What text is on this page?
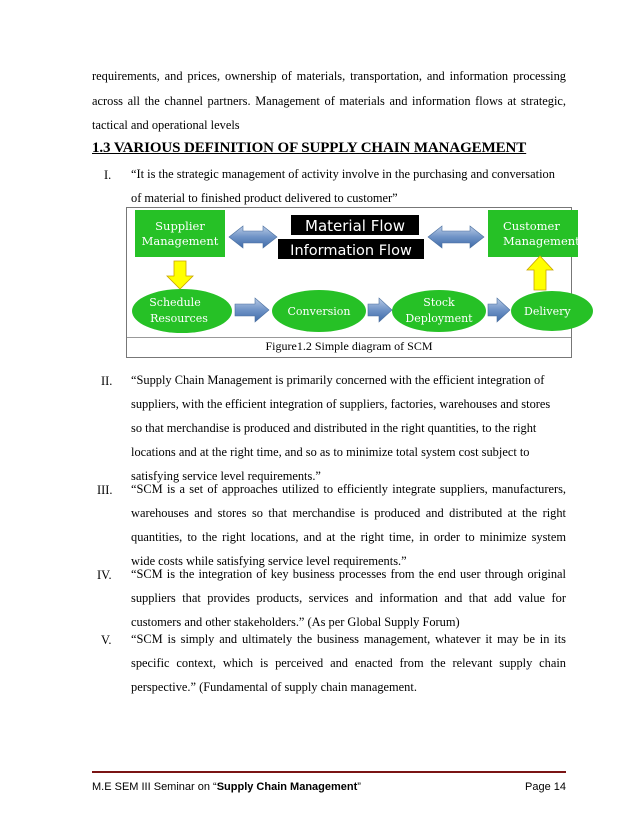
requirements, and prices, ownership of materials, transportation, and information processing
across all the channel partners. Management of materials and information flows at strategic,
tactical and operational levels
1.3 VARIOUS DEFINITION OF SUPPLY CHAIN MANAGEMENT
I. “It is the strategic management of activity involve in the purchasing and conversation
of material to finished product delivered to customer”
Supplier
Management
Customer
Management
Material Flow
Information Flow
Schedule
Resources
Conversion
Stock
Deployment
Delivery
Figure1.2 Simple diagram of SCM
II. “Supply Chain Management is primarily concerned with the efficient integration of
suppliers, with the efficient integration of suppliers, factories, warehouses and stores
so that merchandise is produced and distributed in the right quantities, to the right
locations and at the right time, and so as to minimize total system cost subject to
satisfying service level requirements.”
III. “SCM is a set of approaches utilized to efficiently integrate suppliers, manufacturers,
warehouses and stores so that merchandise is produced and distributed at the right
quantities, to the right locations, and at the right time, in order to minimize system
wide costs while satisfying service level requirements.”
IV. “SCM is the integration of key business processes from the end user through original
suppliers that provides products, services and information and that add value for
customers and other stakeholders.” (As per Global Supply Forum)
V. “SCM is simply and ultimately the business management, whatever it may be in its
specific context, which is perceived and enacted from the relevant supply chain
perspective.” (Fundamental of supply chain management.
M.E SEM III Seminar on “Supply Chain Management”	Page 14
